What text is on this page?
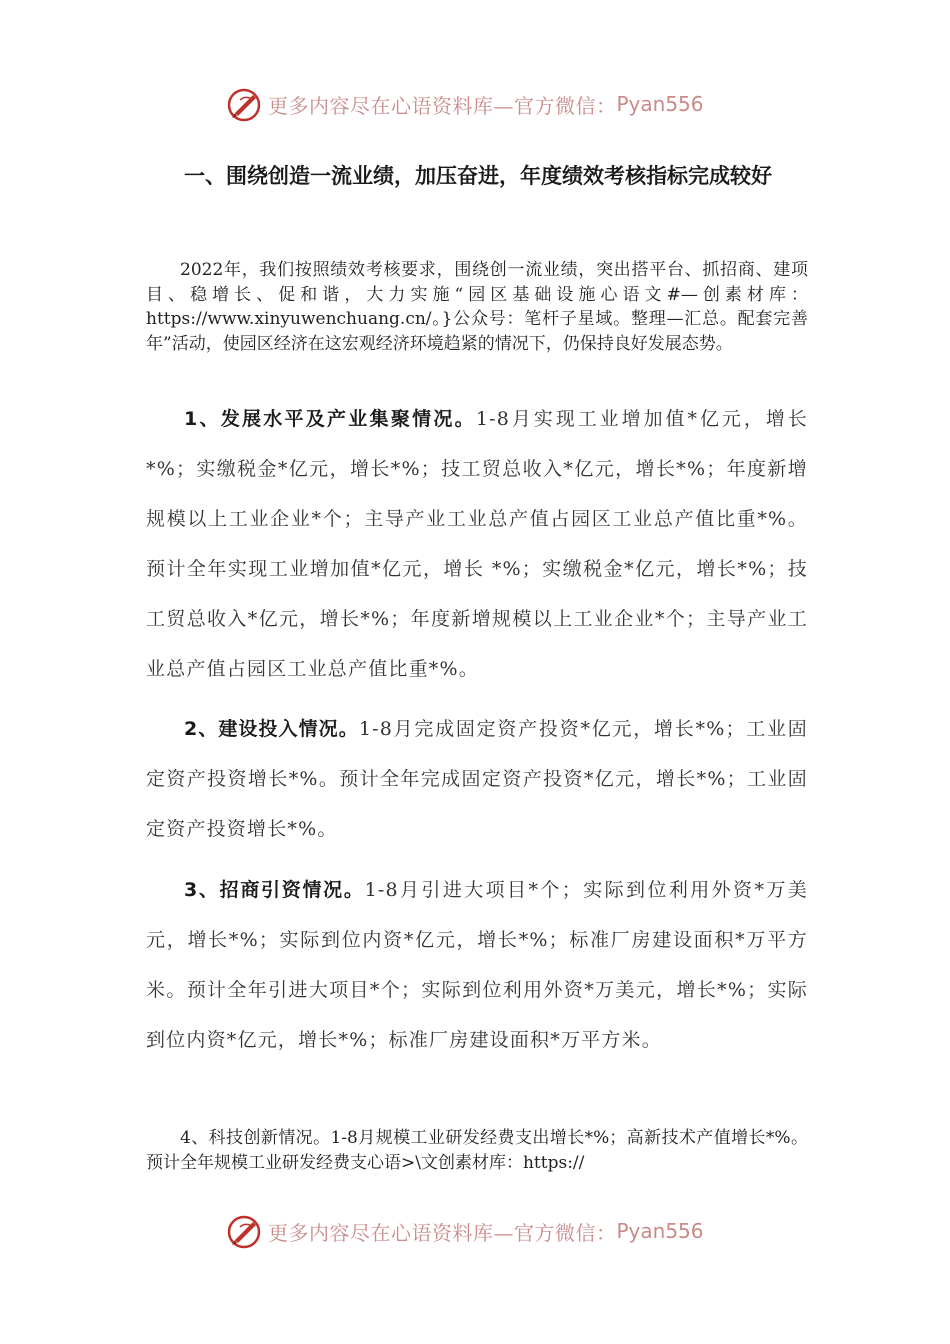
更多内容尽在心语资料库—官方微信： Pyan556
一、围绕创造一流业绩，加压奋进，年度绩效考核指标完成较好

2022年，我们按照绩效考核要求，围绕创一流业绩，突出搭平台、抓招商、建项目、稳增长、促和谐，大力实施“园区基础设施心语文#—创素材库：https://www.xinyuwenchuang.cn/。}公众号：笔杆子星域。整理—汇总。配套完善年”活动，使园区经济在这宏观经济环境趋紧的情况下，仍保持良好发展态势。

1、发展水平及产业集聚情况。1-8月实现工业增加值*亿元，增长*%；实缴税金*亿元，增长*%；技工贸总收入*亿元，增长*%；年度新增规模以上工业企业*个；主导产业工业总产值占园区工业总产值比重*%。预计全年实现工业增加值*亿元，增长 *%；实缴税金*亿元，增长*%；技工贸总收入*亿元，增长*%；年度新增规模以上工业企业*个；主导产业工业总产值占园区工业总产值比重*%。

2、建设投入情况。1-8月完成固定资产投资*亿元，增长*%；工业固定资产投资增长*%。预计全年完成固定资产投资*亿元，增长*%；工业固定资产投资增长*%。

3、招商引资情况。1-8月引进大项目*个；实际到位利用外资*万美元，增长*%；实际到位内资*亿元，增长*%；标准厂房建设面积*万平方米。预计全年引进大项目*个；实际到位利用外资*万美元，增长*%；实际到位内资*亿元，增长*%；标准厂房建设面积*万平方米。

4、科技创新情况。1-8月规模工业研发经费支出增长*%；高新技术产值增长*%。预计全年规模工业研发经费支心语>\文创素材库：https://

更多内容尽在心语资料库—官方微信： Pyan556
